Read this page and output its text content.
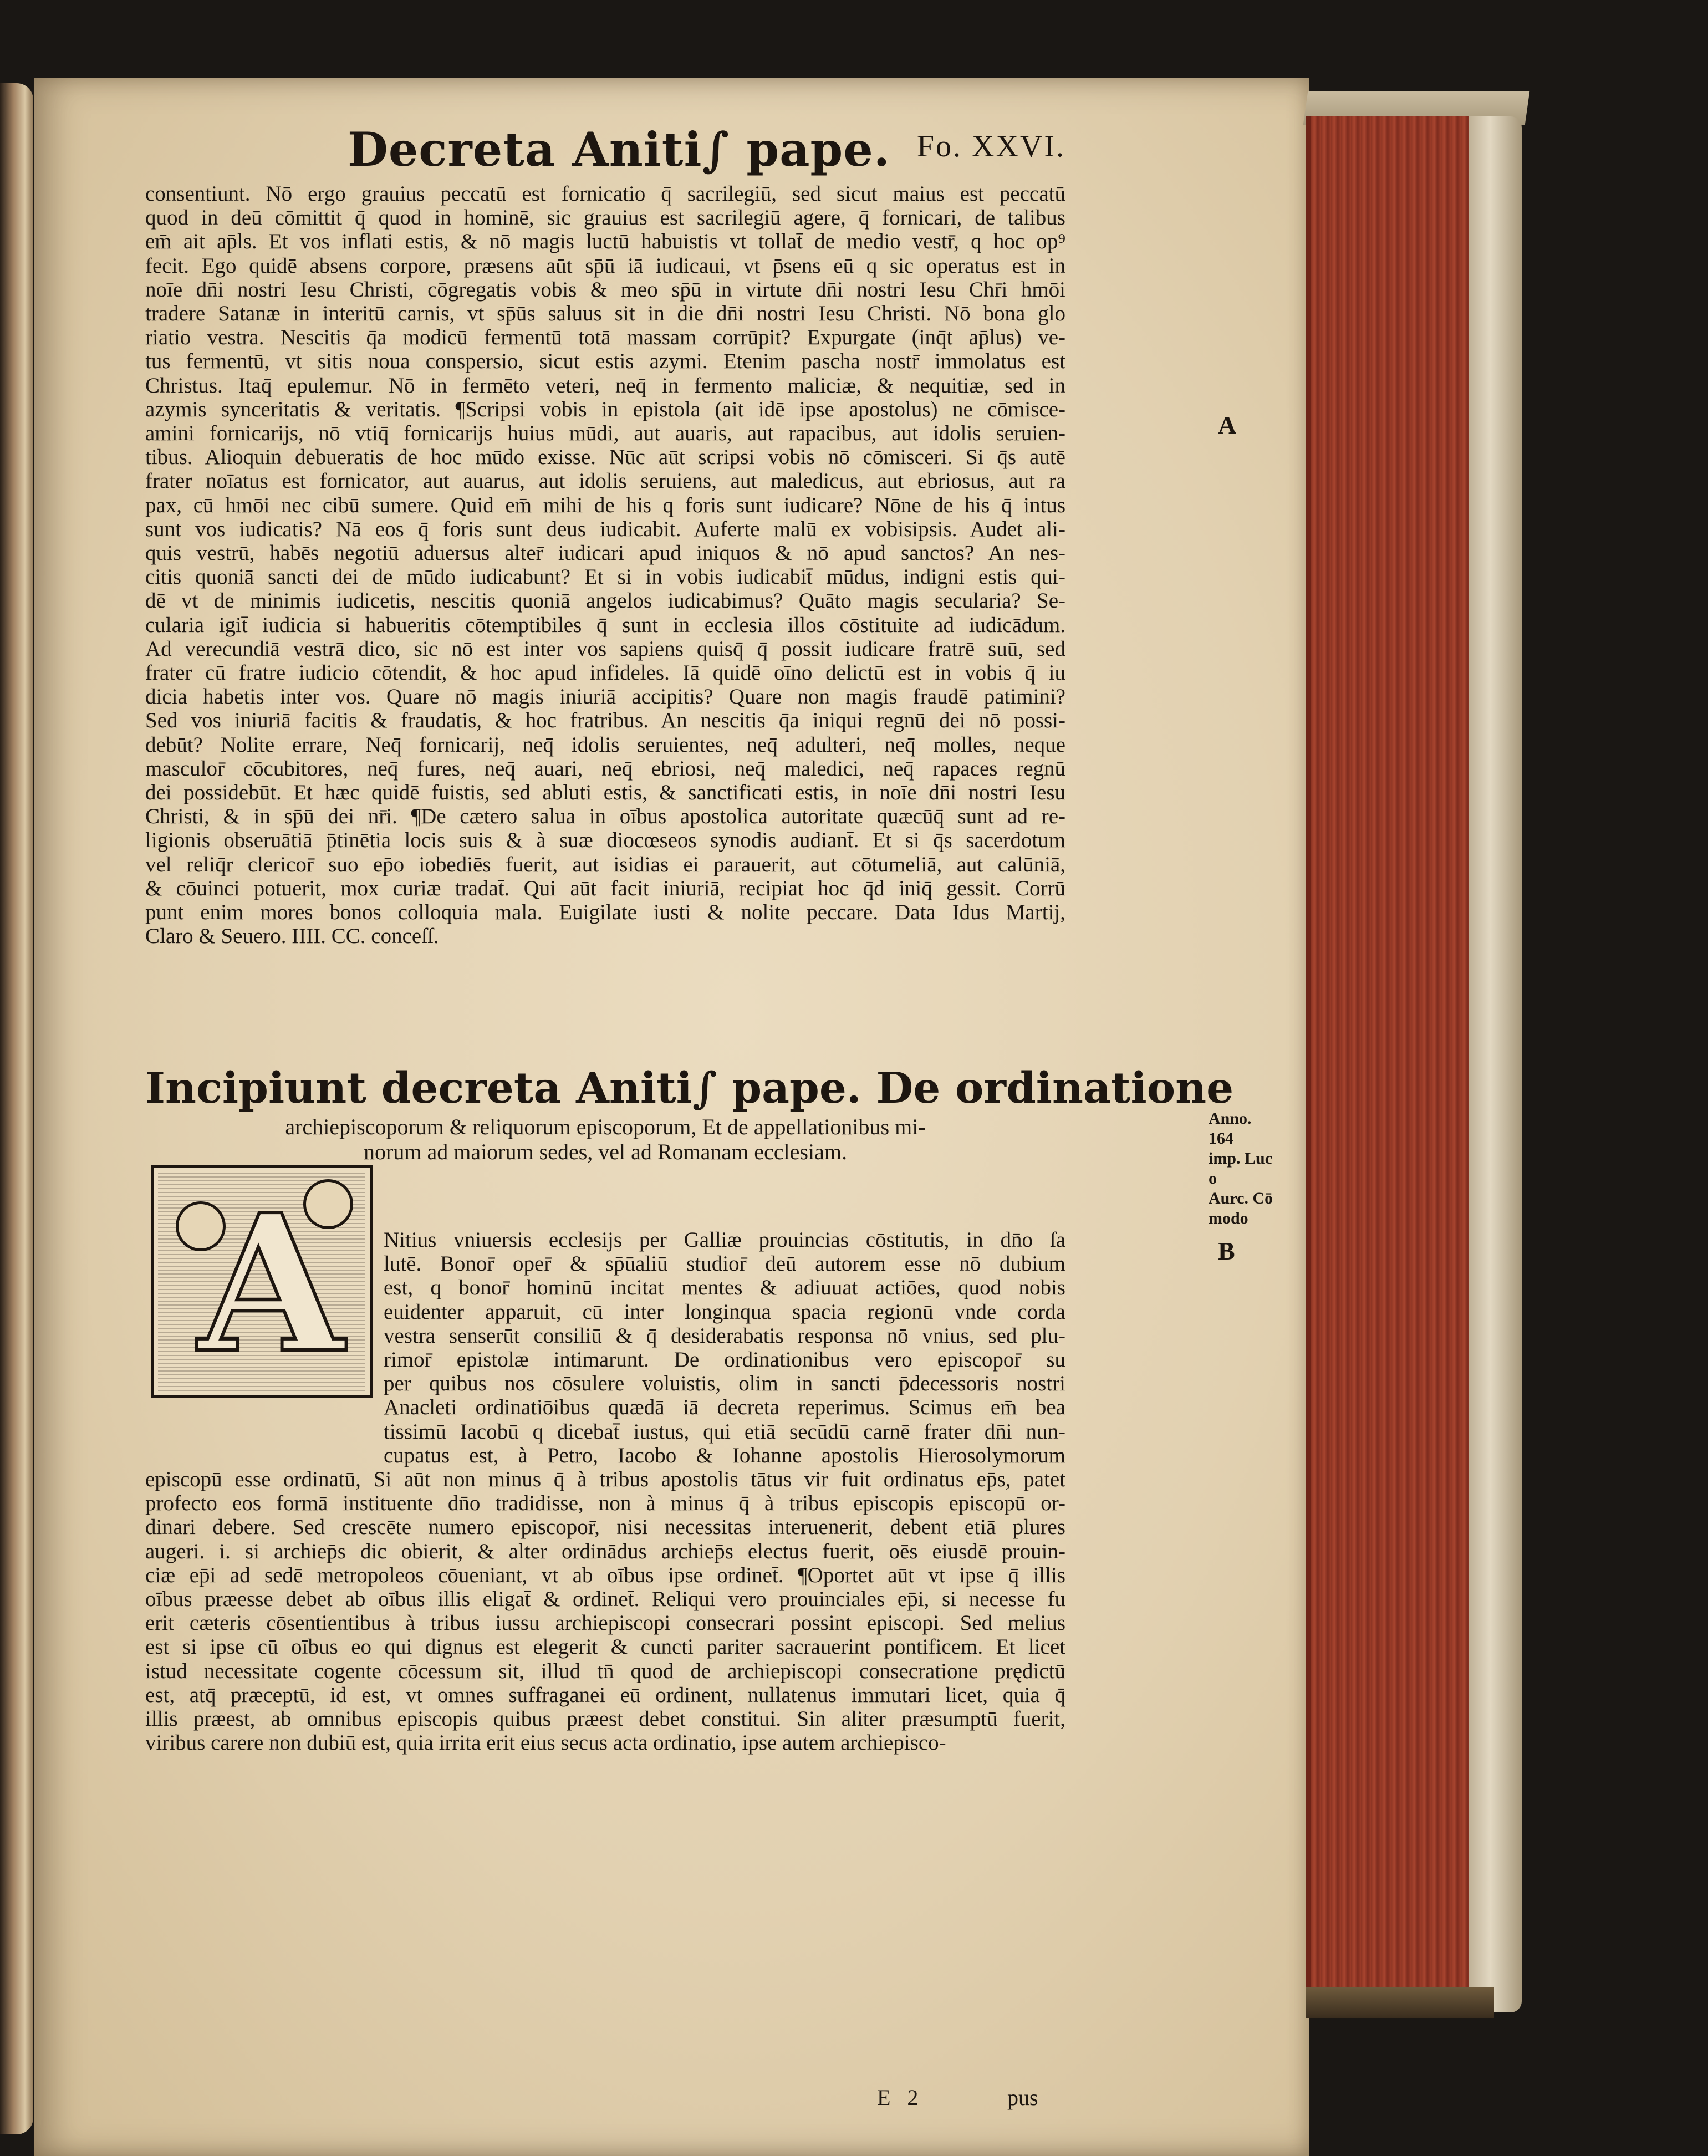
Decreta Aniti∫ pape. Fo. XXVI.
consentiunt. Nō ergo grauius peccatū est fornicatio q̄ sacrilegiū, sed sicut maius est peccatū
quod in deū cōmittit q̄ quod in hominē, sic grauius est sacrilegiū agere, q̄ fornicari, de talibus
em̄ ait ap̄ls. Et vos inflati estis, & nō magis luctū habuistis vt tollat̄ de medio vestr̄, q hoc op⁹
fecit. Ego quidē absens corpore, præsens aūt sp̄ū iā iudicaui, vt p̄sens eū q sic operatus est in
noīe dn̄i nostri Iesu Christi, cōgregatis vobis & meo sp̄ū in virtute dn̄i nostri Iesu Chr̄i hmōi
tradere Satanæ in interitū carnis, vt sp̄ūs saluus sit in die dn̄i nostri Iesu Christi. Nō bona glo
riatio vestra. Nescitis q̄a modicū fermentū totā massam corrūpit? Expurgate (inq̄t ap̄lus) ve-
tus fermentū, vt sitis noua conspersio, sicut estis azymi. Etenim pascha nostr̄ immolatus est
Christus. Itaq̄ epulemur. Nō in fermēto veteri, neq̄ in fermento maliciæ, & nequitiæ, sed in
azymis synceritatis & veritatis. ¶Scripsi vobis in epistola (ait idē ipse apostolus) ne cōmisce-
amini fornicarijs, nō vtiq̄ fornicarijs huius mūdi, aut auaris, aut rapacibus, aut idolis seruien-
tibus. Alioquin debueratis de hoc mūdo exisse. Nūc aūt scripsi vobis nō cōmisceri. Si q̄s autē
frater noīatus est fornicator, aut auarus, aut idolis seruiens, aut maledicus, aut ebriosus, aut ra
pax, cū hmōi nec cibū sumere. Quid em̄ mihi de his q foris sunt iudicare? Nōne de his q̄ intus
sunt vos iudicatis? Nā eos q̄ foris sunt deus iudicabit. Auferte malū ex vobisipsis. Audet ali-
quis vestrū, habēs negotiū aduersus alter̄ iudicari apud iniquos & nō apud sanctos? An nes-
citis quoniā sancti dei de mūdo iudicabunt? Et si in vobis iudicabit̄ mūdus, indigni estis qui-
dē vt de minimis iudicetis, nescitis quoniā angelos iudicabimus? Quāto magis secularia? Se-
cularia igit̄ iudicia si habueritis cōtemptibiles q̄ sunt in ecclesia illos cōstituite ad iudicādum.
Ad verecundiā vestrā dico, sic nō est inter vos sapiens quisq̄ q̄ possit iudicare fratrē suū, sed
frater cū fratre iudicio cōtendit, & hoc apud infideles. Iā quidē oīno delictū est in vobis q̄ iu
dicia habetis inter vos. Quare nō magis iniuriā accipitis? Quare non magis fraudē patimini?
Sed vos iniuriā facitis & fraudatis, & hoc fratribus. An nescitis q̄a iniqui regnū dei nō possi-
debūt? Nolite errare, Neq̄ fornicarij, neq̄ idolis seruientes, neq̄ adulteri, neq̄ molles, neque
masculor̄ cōcubitores, neq̄ fures, neq̄ auari, neq̄ ebriosi, neq̄ maledici, neq̄ rapaces regnū
dei possidebūt. Et hæc quidē fuistis, sed abluti estis, & sanctificati estis, in noīe dn̄i nostri Iesu
Christi, & in sp̄ū dei nr̄i. ¶De cætero salua in oībus apostolica autoritate quæcūq̄ sunt ad re-
ligionis obseruātiā p̄tinētia locis suis & à suæ diocœseos synodis audiant̄. Et si q̄s sacerdotum
vel reliq̄r clericor̄ suo ep̄o iobediēs fuerit, aut isidias ei parauerit, aut cōtumeliā, aut calūniā,
& cōuinci potuerit, mox curiæ tradat̄. Qui aūt facit iniuriā, recipiat hoc q̄d iniq̄ gessit. Corrū
punt enim mores bonos colloquia mala. Euigilate iusti & nolite peccare. Data Idus Martij,
Claro & Seuero. IIII. CC. conceſſ.
Incipiunt decreta Aniti∫ pape. De ordinatione
archiepiscoporum & reliquorum episcoporum, Et de appellationibus mi-
norum ad maiorum sedes, vel ad Romanam ecclesiam.
A Nitius vniuersis ecclesijs per Galliæ prouincias cōstitutis, in dn̄o ſa
lutē. Bonor̄ oper̄ & sp̄ūaliū studior̄ deū autorem esse nō dubium
est, q bonor̄ hominū incitat mentes & adiuuat actiōes, quod nobis
euidenter apparuit, cū inter longinqua spacia regionū vnde corda
vestra senserūt consiliū & q̄ desiderabatis responsa nō vnius, sed plu-
rimor̄ epistolæ intimarunt. De ordinationibus vero episcopor̄ su
per quibus nos cōsulere voluistis, olim in sancti p̄decessoris nostri
Anacleti ordinatiōibus quædā iā decreta reperimus. Scimus em̄ bea
tissimū Iacobū q dicebat̄ iustus, qui etiā secūdū carnē frater dn̄i nun-
cupatus est, à Petro, Iacobo & Iohanne apostolis Hierosolymorum
episcopū esse ordinatū, Si aūt non minus q̄ à tribus apostolis tātus vir fuit ordinatus ep̄s, patet
profecto eos formā instituente dn̄o tradidisse, non à minus q̄ à tribus episcopis episcopū or-
dinari debere. Sed crescēte numero episcopor̄, nisi necessitas interuenerit, debent etiā plures
augeri. i. si archiep̄s dic obierit, & alter ordinādus archiep̄s electus fuerit, oēs eiusdē prouin-
ciæ ep̄i ad sedē metropoleos cōueniant, vt ab oībus ipse ordinet̄. ¶Oportet aūt vt ipse q̄ illis
oībus præesse debet ab oībus illis eligat̄ & ordinet̄. Reliqui vero prouinciales ep̄i, si necesse fu
erit cæteris cōsentientibus à tribus iussu archiepiscopi consecrari possint episcopi. Sed melius
est si ipse cū oībus eo qui dignus est elegerit & cuncti pariter sacrauerint pontificem. Et licet
istud necessitate cogente cōcessum sit, illud tn̄ quod de archiepiscopi consecratione prędictū
est, atq̄ præceptū, id est, vt omnes suffraganei eū ordinent, nullatenus immutari licet, quia q̄
illis præest, ab omnibus episcopis quibus præest debet constitui. Sin aliter præsumptū fuerit,
viribus carere non dubiū est, quia irrita erit eius secus acta ordinatio, ipse autem archiepisco-
E 2	pus
A
B
Anno. 164
imp. Luc o
Aurc. Cō
modo
